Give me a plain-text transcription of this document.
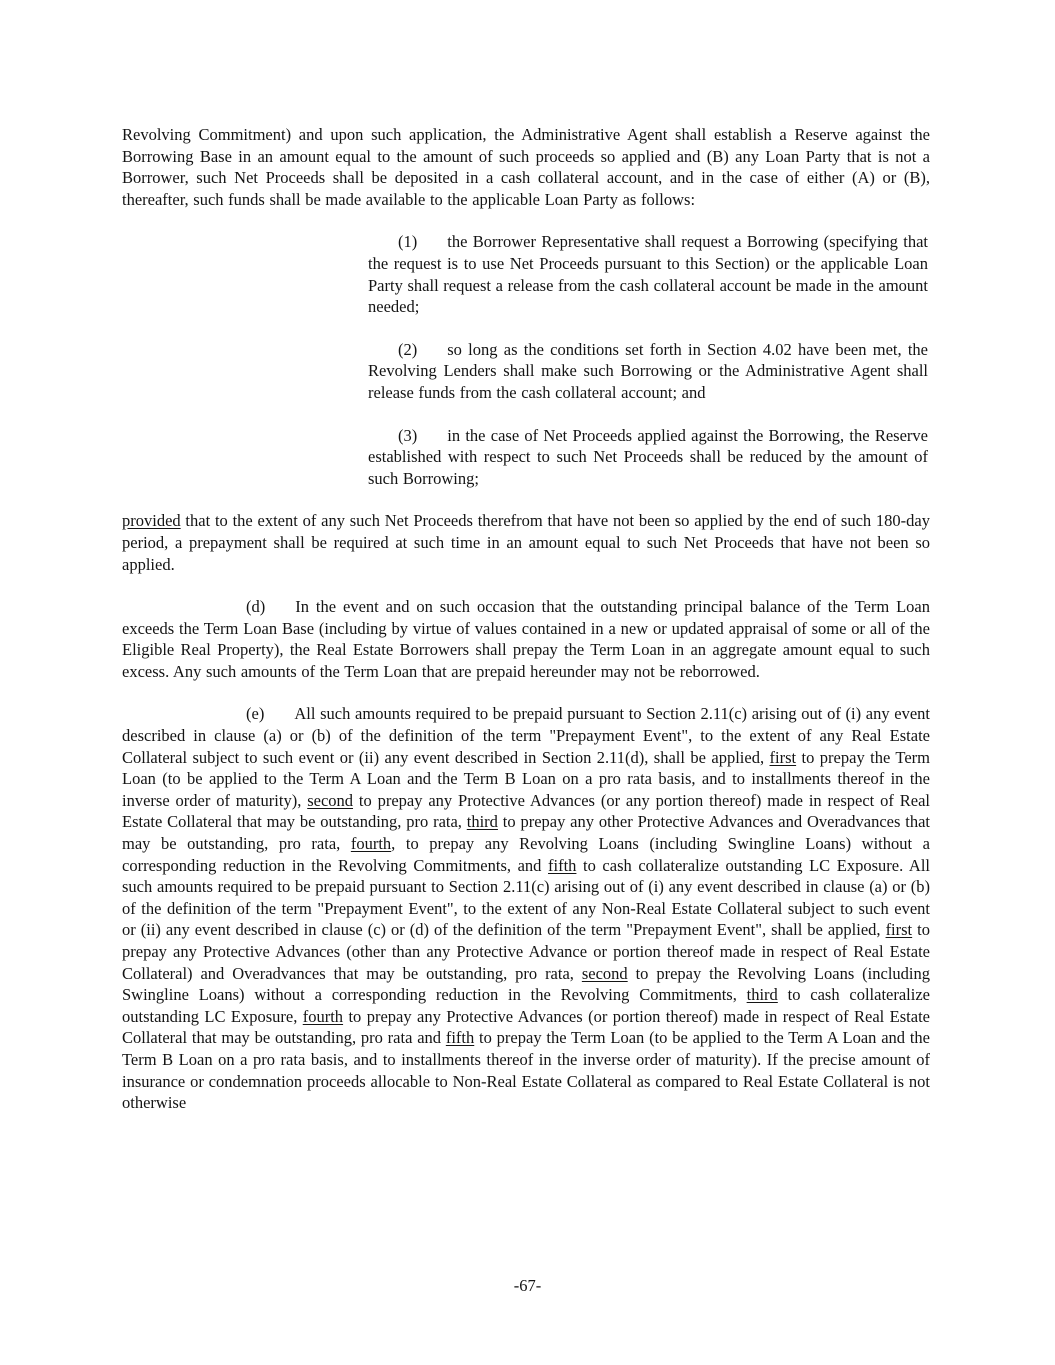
Revolving Commitment) and upon such application, the Administrative Agent shall establish a Reserve against the Borrowing Base in an amount equal to the amount of such proceeds so applied and (B) any Loan Party that is not a Borrower, such Net Proceeds shall be deposited in a cash collateral account, and in the case of either (A) or (B), thereafter, such funds shall be made available to the applicable Loan Party as follows:

(1) the Borrower Representative shall request a Borrowing (specifying that the request is to use Net Proceeds pursuant to this Section) or the applicable Loan Party shall request a release from the cash collateral account be made in the amount needed;

(2) so long as the conditions set forth in Section 4.02 have been met, the Revolving Lenders shall make such Borrowing or the Administrative Agent shall release funds from the cash collateral account; and

(3) in the case of Net Proceeds applied against the Borrowing, the Reserve established with respect to such Net Proceeds shall be reduced by the amount of such Borrowing;

provided that to the extent of any such Net Proceeds therefrom that have not been so applied by the end of such 180-day period, a prepayment shall be required at such time in an amount equal to such Net Proceeds that have not been so applied.

(d) In the event and on such occasion that the outstanding principal balance of the Term Loan exceeds the Term Loan Base (including by virtue of values contained in a new or updated appraisal of some or all of the Eligible Real Property), the Real Estate Borrowers shall prepay the Term Loan in an aggregate amount equal to such excess. Any such amounts of the Term Loan that are prepaid hereunder may not be reborrowed.

(e) All such amounts required to be prepaid pursuant to Section 2.11(c) arising out of (i) any event described in clause (a) or (b) of the definition of the term "Prepayment Event", to the extent of any Real Estate Collateral subject to such event or (ii) any event described in Section 2.11(d), shall be applied, first to prepay the Term Loan (to be applied to the Term A Loan and the Term B Loan on a pro rata basis, and to installments thereof in the inverse order of maturity), second to prepay any Protective Advances (or any portion thereof) made in respect of Real Estate Collateral that may be outstanding, pro rata, third to prepay any other Protective Advances and Overadvances that may be outstanding, pro rata, fourth, to prepay any Revolving Loans (including Swingline Loans) without a corresponding reduction in the Revolving Commitments, and fifth to cash collateralize outstanding LC Exposure. All such amounts required to be prepaid pursuant to Section 2.11(c) arising out of (i) any event described in clause (a) or (b) of the definition of the term "Prepayment Event", to the extent of any Non-Real Estate Collateral subject to such event or (ii) any event described in clause (c) or (d) of the definition of the term "Prepayment Event", shall be applied, first to prepay any Protective Advances (other than any Protective Advance or portion thereof made in respect of Real Estate Collateral) and Overadvances that may be outstanding, pro rata, second to prepay the Revolving Loans (including Swingline Loans) without a corresponding reduction in the Revolving Commitments, third to cash collateralize outstanding LC Exposure, fourth to prepay any Protective Advances (or portion thereof) made in respect of Real Estate Collateral that may be outstanding, pro rata and fifth to prepay the Term Loan (to be applied to the Term A Loan and the Term B Loan on a pro rata basis, and to installments thereof in the inverse order of maturity). If the precise amount of insurance or condemnation proceeds allocable to Non-Real Estate Collateral as compared to Real Estate Collateral is not otherwise

-67-
